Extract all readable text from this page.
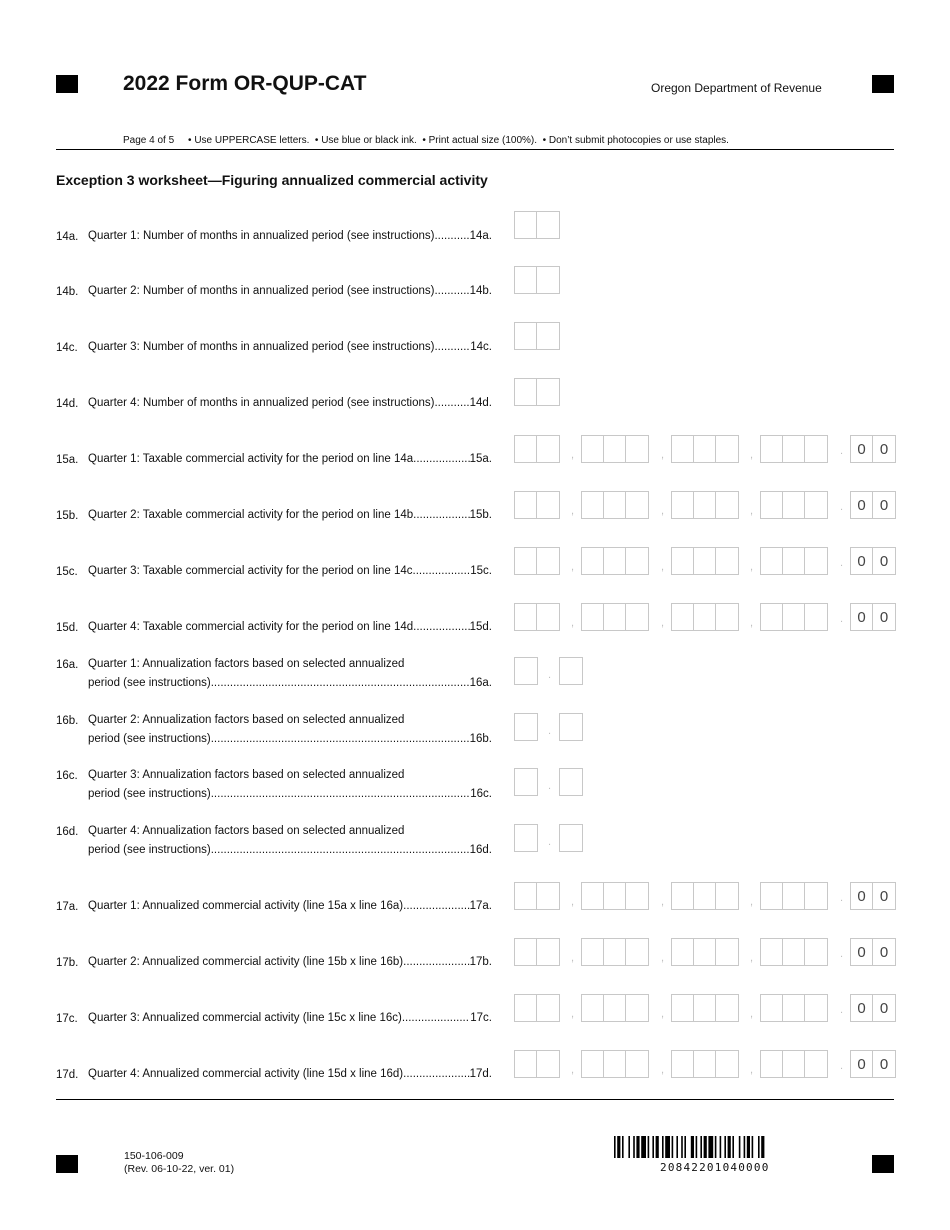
2022 Form OR-QUP-CAT	Oregon Department of Revenue
Page 4 of 5     • Use UPPERCASE letters.  • Use blue or black ink.  • Print actual size (100%).  • Don’t submit photocopies or use staples.
Exception 3 worksheet—Figuring annualized commercial activity
14a. Quarter 1: Number of months in annualized period (see instructions) .....	14a.
14b. Quarter 2: Number of months in annualized period (see instructions) .....	14b.
14c. Quarter 3: Number of months in annualized period (see instructions) .....	14c.
14d. Quarter 4: Number of months in annualized period (see instructions) .....	14d.
15a. Quarter 1: Taxable commercial activity for the period on line 14a .....	15a.	,	,	,	. 0 0
15b. Quarter 2: Taxable commercial activity for the period on line 14b .....	15b.	,	,	,	. 0 0
15c. Quarter 3: Taxable commercial activity for the period on line 14c .....	15c.	,	,	,	. 0 0
15d. Quarter 4: Taxable commercial activity for the period on line 14d .....	15d.	,	,	,	. 0 0
16a. Quarter 1: Annualization factors based on selected annualized
period (see instructions) .....	16a.
.
16b. Quarter 2: Annualization factors based on selected annualized
period (see instructions) .....	16b.
.
16c. Quarter 3: Annualization factors based on selected annualized
period (see instructions) .....	16c.
.
16d. Quarter 4: Annualization factors based on selected annualized
period (see instructions) .....	16d.
.
17a. Quarter 1: Annualized commercial activity (line 15a x line 16a) .....	17a.	,	,	,	. 0 0
17b. Quarter 2: Annualized commercial activity (line 15b x line 16b) .....	17b.	,	,	,	. 0 0
17c. Quarter 3: Annualized commercial activity (line 15c x line 16c) .....	17c.	,	,	,	. 0 0
17d. Quarter 4: Annualized commercial activity (line 15d x line 16d) .....	17d.	,	,	,	. 0 0
150-106-009
(Rev. 06-10-22, ver. 01)	20842201040000
